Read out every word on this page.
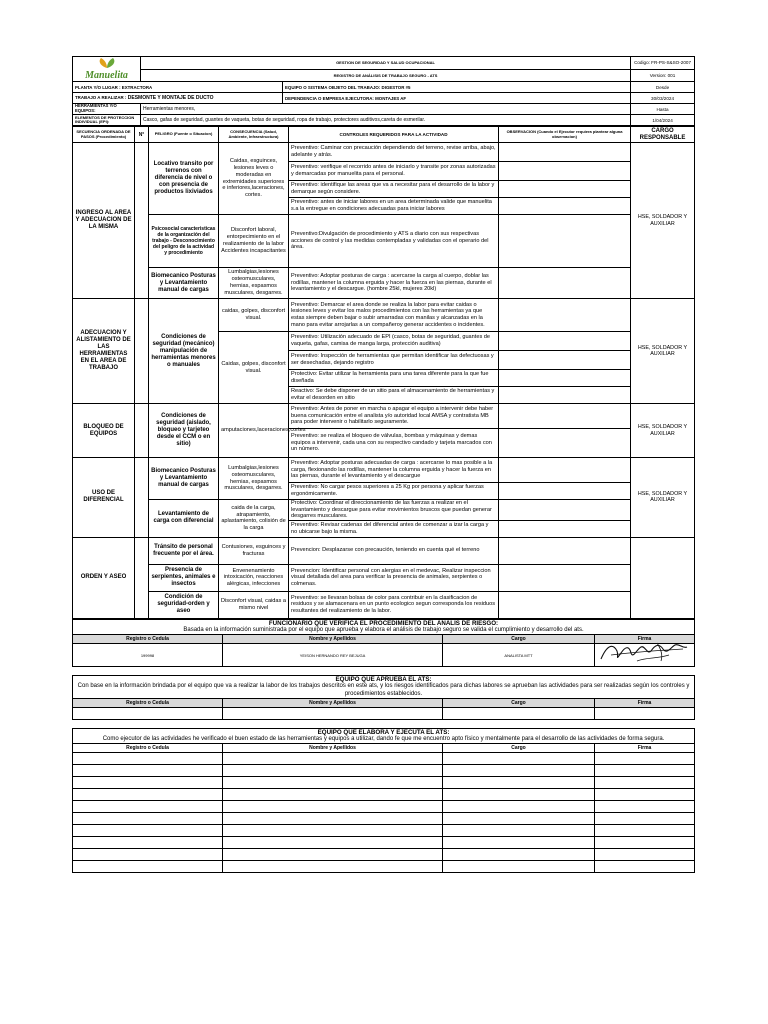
Manuelita	GESTION DE SEGURIDAD Y SALUD OCUPACIONAL		Codigo: FR-PS-S&SO-2007
	REGISTRO DE ANÁLISIS DE TRABAJO SEGURO - ATS		Version: 001
PLANTA Y/O LUGAR : EXTRACTORA		EQUIPO O SISTEMA OBJETO DEL TRABAJO: DIGESTOR #5	Desde
TRABAJO A REALIZAR : DESMONTE Y MONTAJE DE DUCTO		DEPENDENCIA O EMPRESA EJECUTORA: MONTAJES AF	30/03/2024
HERRAMIENTAS Y/O EQUIPOS:	Herramientas menores,		Hasta
ELEMENTOS DE PROTECCION INDIVIDUAL (EPI):	Casco, gafas de seguridad, guantes de vaqueta, botas de seguridad, ropa de trabajo, protectores auditivos,careta de esmerilar.		1/04/2024
SECUENCIA ORDENADA DE PASOS (Procedimiento)	N°	PELIGRO (Fuente o Situacion)	CONSECUENCIA (Salud, Ambiente, Infraestructura)	CONTROLES REQUERIDOS PARA LA ACTIVIDAD	OBSERVACION (Cuando el Ejecutor requiera plantear alguna observacion)	CARGO RESPONSABLE
INGRESO AL AREA Y ADECUACION DE LA MISMA		Locativo transito por terrenos con diferencia de nivel o con presencia de productos lixiviados	Caidas, esguinces, lesiones leves o moderadas en extremidades superiores e inferiores,laceraciones, cortes.	Preventivo: Caminar con precaución dependiendo del terreno, revise arriba, abajo, adelante y atrás.		HSE, SOLDADOR Y AUXILIAR
				Preventivo: verifique el recorrido antes de iniciarlo y transite por zonas autorizadas y demarcadas por manuelita para el personal.		
				Preventivo: identifique las areas que va a necesitar para el desarrollo de la labor y demarque según considere.		
				Preventivo: antes de iniciar labores en un area determinada valide que manuelita s.a la entregue en condiciones adecuadas para iniciar labores		
		Psicosocial caracteristicas de la organización del trabajo - Desconocimiento del peligro de la actividad y procedimiento	Disconfort laboral, entorpecimiento en el realizamiento de la labor Accidentes incapacitantes	Preventivo:Divulgación de procedimiento y ATS a diario con sus respectivas acciones de control y las medidas contempladas y validadas con el operario del área.		
		Biomecanico Posturas y Levantamiento manual de cargas	Lumbalgias,lesiones osteomusculares, hernias, espasmos musculares, desgarres.	Preventivo: Adoptar posturas de carga : acercarse la carga al cuerpo, doblar las rodillas, mantener la columna erguida y hacer la fuerza en las piernas, durante el levantamiento y el descargue. (hombre 25kl, mujeres 20kl)		
ADECUACION Y ALISTAMIENTO DE LAS HERRAMIENTAS EN EL AREA DE TRABAJO		Condiciones de seguridad (mecánico) manipulación de herramientas menores o manuales	caidas, golpes, disconfort visual.	Preventivo: Demarcar el area donde se realiza la labor para evitar caidas o lesiones leves y evitar los malos procedimientos con las herramientas ya que estas siempre deben bajar o subir amarradas con manilas y alcanzadas en la mano para evitar arrojarlas a un compañeroy generar accidentes o incidentes.		HSE, SOLDADOR Y AUXILIAR
			Caidas, golpes, disconfort visual.	Preventivo: Utilización adecuado de EPI (casco, botas de seguridad, guantes de vaqueta, gafas, camisa de manga larga, protección auditiva)		
				Preventivo: Inspección de herramientas que permitan identificar las defectuosas y ser desechadas, dejando registro		
				Protectivo: Evitar utilizar la herramienta para una tarea diferente para la que fue diseñada		
				Reactivo: Se debe disponer de un sitio para el almacenamiento de herramientas y evitar el desorden en sitio		
BLOQUEO DE EQUIPOS		Condiciones de seguridad (aislado, bloqueo y tarjeteo desde el CCM o en sitio)	amputaciones,laceraciones,cortes	Preventivo: Antes de poner en marcha o apagar el equipo a intervenir debe haber buena comunicación entre el analista y/o autoridad local AMSA y contratista MB para poder intervenir o habilitarlo seguramente.		HSE, SOLDADOR Y AUXILIAR
				Preventivo: se realiza el bloqueo de válvulas, bombas y máquinas y demas equipos a intervenir, cada una con su respectivo candado y tarjeta marcados con un número.		
USO DE DIFERENCIAL		Biomecanico Posturas y Levantamiento manual de cargas	Lumbalgias,lesiones osteomusculares, hernias, espasmos musculares, desgarres.	Preventivo: Adoptar posturas adecuadas de carga : acercarse lo mas posible a la carga, flexionando las rodillas, mantener la columna erguida y hacer la fuerza en las piernas, durante el levantamiento y el descargue		HSE, SOLDADOR Y AUXILIAR
				Preventivo: No cargar pesos superiores a 25 Kg por persona y aplicar fuerzas ergonómicamente.		
		Levantamiento de carga con diferencial	caida de la carga, atrapamiento, aplastamiento, colisión de la carga	Protectivo: Coordinar el direccionamiento de las fuerzas a realizar en el levantamiento y descargue para evitar movimientos bruscos que puedan generar desgarres musculares.		
				Preventivo: Revisar cadenas del diferencial antes de comenzar a izar la carga y no ubicarse bajo la misma.		
ORDEN Y ASEO		Tránsito de personal frecuente por el área.	Contusiones, esguinces y fracturas	Prevencion: Desplazarse con precaución, teniendo en cuenta qué el terreno		
		Presencia de serpientes, animales e insectos	Envenenamiento intoxicación, reacciones alérgicas, infecciones	Prevencion: Identificar personal con alergias en el medevac, Realizar inspeccion visual detallada del area para verificar la presencia de animales, serpientes o colmenas.		
		Condición de seguridad-orden y aseo	Disconfort visual, caidas a mismo nivel	Preventivo: se llevaran bolsas de color para contribuir en la clasificacion de residuos y se alamacenara en un punto ecologico segun corresponda los residuos resultantes del realizamiento de la labor.		
FUNCIONARIO QUE VERIFICA EL PROCEDIMIENTO DEL ANALIS DE RIESGO:			
Basada en la información suministrada por el equipo que aprueba y elabora el análisis de trabajo seguro se valida el cumplimiento y desarrollo del ats.			
Registro o Cedula	Nombre y Apellidos	Cargo	Firma
199998	YEISON HERNANDO REY BEJUGA	ANALISTA MTT	
EQUIPO QUE APRUEBA EL ATS:			
Con base en la información brindada por el equipo que va a realizar la labor de los trabajos descritos en este ats, y los riesgos identificados para dichas labores se aprueban las actividades para ser realizadas según los controles y procedimientos establecidos.			
Registro o Cedula	Nombre y Apellidos	Cargo	Firma

EQUIPO QUE ELABORA Y EJECUTA EL ATS:			
Como ejecutor de las actividades he verificado el buen estado de las herramientas y equipos a utilizar, dando fe que me encuentro apto físico y mentalmente para el desarrollo de las actividades de forma segura.			
Registro o Cedula	Nombre y Apellidos	Cargo	Firma
